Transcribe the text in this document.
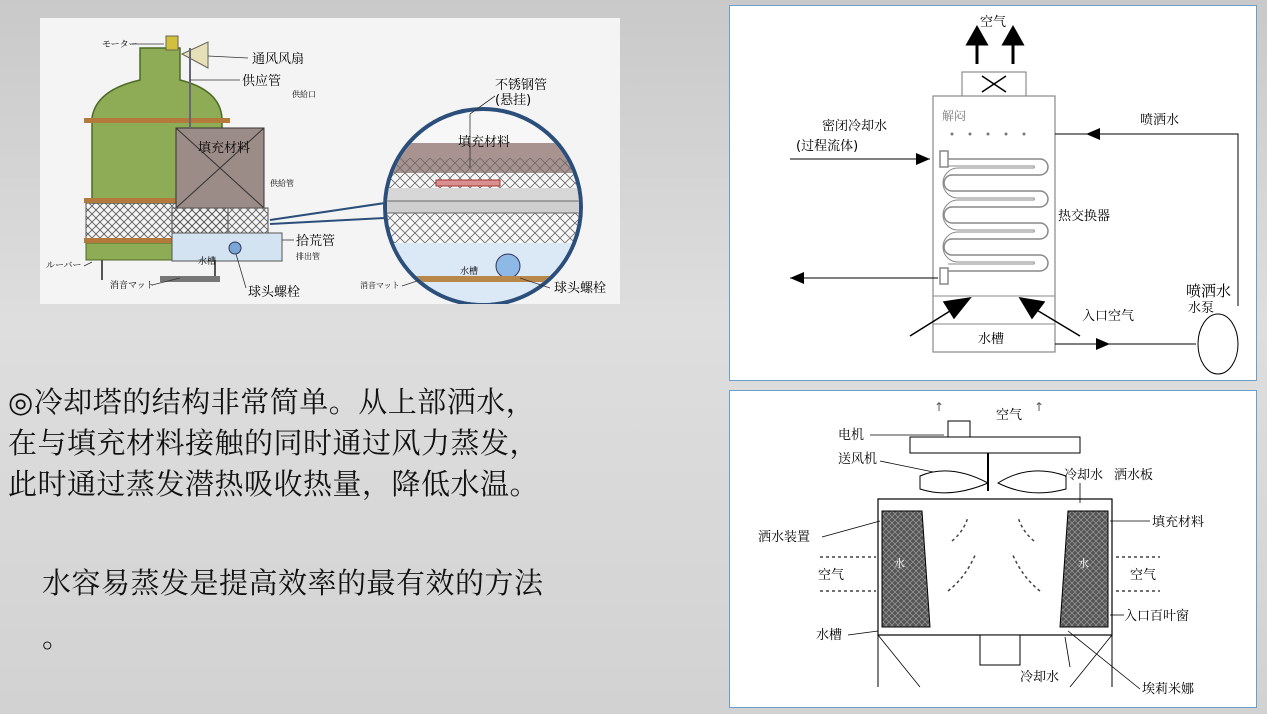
モーター
通风风扇
供应管
供給口
填充材料
供給管
拾荒管
排出管
水槽
ルーバー
消音マット	球头螺栓
不锈钢管
(悬挂)
填充材料
水槽
消音マット	球头螺栓
空气
解闷
密闭冷却水
(过程流体)
喷洒水
热交换器
入口空气
水槽
喷洒水
水泵
空气
↑	↑
电机
送风机
水	水
冷却水 洒水板
填充材料
空气
入口百叶窗
洒水装置
空气
水槽
冷却水
埃莉米娜
◎冷却塔的结构非常简单。从上部洒水，
在与填充材料接触的同时通过风力蒸发，
此时通过蒸发潜热吸收热量，降低水温。
水容易蒸发是提高效率的最有效的方法
。
